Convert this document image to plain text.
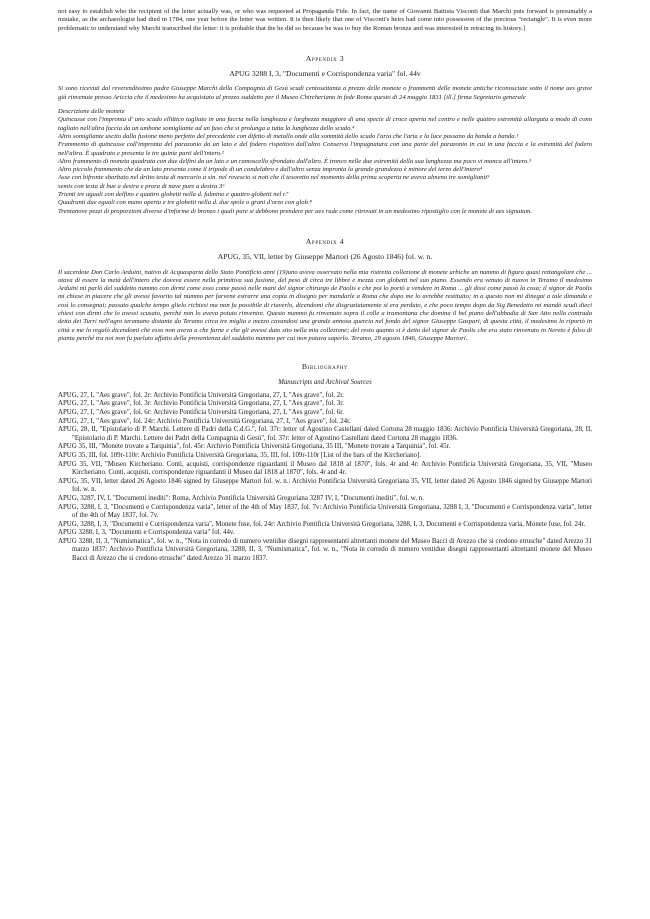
not easy to establish who the recipient of the letter actually was, or who was requested at Propaganda Fide. In fact, the name of Giovanni Battista Visconti that Marchi puts forward is presumably a mistake, as the archaeologist had died in 1784, one year before the letter was written. It is then likely that one of Visconti's heirs had come into possession of the precious "rectangle". It is even more problematic to understand why Marchi transcribed the letter: it is probable that the he did so because he was to buy the Roman bronze and was interested in retracing its history.]

Appendix 3
APUG 3288 I, 3, "Documenti e Corrispondenza varia" fol. 44v

Si sono ricevuti dal reverendissimo padre Giuseppe Marchi della Compagnia di Gesù scudi centosettanta a prezzo delle monete o frammenti delle monete antiche riconosciute sotto il nome aes grave già rinvenute presso Ariccia che il medesimo ha acquistato al prezzo suddetto per il Museo Chircheriano in fede Roma questo di 24 maggio 1831 [ill.] firma Segretario generale

Descrizione delle monete

Quincusse con l'impronta d' uno scudo ellittico tagliato in una faccia nella lunghezza e larghezza maggiore di una specie di croce aperta nel centro e nelle quattro estremità allargata a modo di cono tagliato nell'altra faccia da un umbone somigliante ad un fuso che si prolunga a tutta la lunghezza dello scudo.⁴

Altro somigliante uscito dalla fusione meno perfetto del precedente con difetto di metallo onde alla sommità dello scudo l'aria che l'aria e la luce passano da banda a banda.¹

Frammento di quincusse coll'impronta del parazonio da un lato e del fodero rispettivo dall'altro Conserva l'impugnatura con una parte del parazonio in cui in una faccia e la estremità del fodero nell'altra. È quadrato e presenta le tre quinte parti dell'intero.²

Altro frammento di moneta quadrata con due delfini da un lato e un ramoscello sfrondato dall'altro. È tronco nelle due estremità della sua lunghezza ma poco vi manca all'intero.³

Altro piccolo frammento che da un lato presenta come il tripode di un candelabro e dall'altro senza impronta la grande grandezza è minore del terzo dell'intero⁴

Asse con bifronte sbarbato nel dritto testa di mercurio a sin. nel rovescio si noti che il tesoretto nel momento della prima scoperta ne aveva almeno tre somiglianti⁵

semis con testa di bue a destra e prora di nave pure a destra 3⁶

Trienti tre uguali con delfino e quattro globetti nella d. fulmino e quattro globetti nel r.⁷

Quadranti due eguali con mano aperta e tre globetti nella d. due spole o grani d'orzo con glob.⁸

Trentanove pezzi di proporzioni diverse d'informe di bronzo i quali pure si debbono prendere per aes rude come ritrovati in un medesimo ripostiglio con le monete di aes signatum.

Appendix 4
APUG, 35, VII, letter by Giuseppe Martori (26 Agosto 1846) fol. w. n.

Il sacerdote Don Carlo Arduini, nativo di Acquasparta dello Stato Pontificio anni (19)uno aveva osservato nella mia ristretta collezione di monete urbiche un nummo di figura quasi rettangolare che ... otava di essere la metà dell'intero che doveva essere nella primitiva sua fusione, del peso di circa tre libbre e mezza con globetti nel suo piano. Essendo era venuto di nuovo in Teramo il medesimo Arduini mi parlò del suddetto nummo con dirmi come esso come passò nelle mani del signor chirurgo de Paolis e che poi lo portò a vendere in Roma ... gli dissi come passò la cosa; il signor de Paolis mi chiese in piacere che gli avessi favorito tal nummo per farvene estrarre una copia in disegno per mandarle a Roma che dopo me lo avrebbe restituito; in a questo non mi dinegai a tale dimanda e così lo consegnai; passato qualche tempo glielo richiesi ma non fu possibile di riaverlo, dicendomi che disgraziatamente si era perduto, e che poco tempo dopo da Sig Benedetto mi mandò scudi dieci chiesi con dirmi che lo avessi scusato, perché non lo aveva potuto rinvenire. Questo nummo fu rinvenuto sopra il colle a tramontana che domina il bel piano dell'abbadia di San Atto nella contrada detta dei Turri nell'agro teramano distante da Teramo circa tre miglia e mezzo cavandosi una grande annosa quercia nel fondo del signor Giuseppe Gaspari, di questa città, il medesimo lo riportò in città e me lo regalò dicendomi che esso non aveva a che farne e che gli avessi dato sito nella mia collezione; del resto quanto si è detto del signor de Paolis che era stato rinvenuto in Nereto è falso di pianta perché tra noi non fu parlato affatto della provenienza del suddetto nummo per cui non potava saperlo. Teramo, 29 agosto 1846, Giuseppe Martori.

Bibliography
Manuscripts and Archival Sources

APUG, 27, I, "Aes grave", fol. 2r: Archivio Pontificia Università Gregoriana, 27, I, "Aes grave", fol. 2r.

APUG, 27, I, "Aes grave", fol. 3r: Archivio Pontificia Università Gregoriana, 27, I, "Aes grave", fol. 3r.

APUG, 27, I, "Aes grave", fol. 6r: Archivio Pontificia Università Gregoriana, 27, I, "Aes grave", fol. 6r.

APUG, 27, I, "Aes grave", fol. 24r: Archivio Pontificia Università Gregoriana, 27, I, "Aes grave", fol. 24r.

APUG, 28, II, "Epistolario di P. Marchi. Lettere di Padri della C.d.G.", fol. 37r: letter of Agostino Castellani dated Cortona 28 maggio 1836: Archivio Pontificia Università Gregoriana, 28, II, "Epistolario di P. Marchi. Lettere dei Padri della Compagnia di Gesù", fol. 37r: letter of Agostino Castellani dated Cortona 28 maggio 1836.

APUG 35, III, "Monete trovate a Tarquinia", fol. 45r: Archivio Pontificia Università Gregoriana, 35 III, "Monete trovate a Tarquinia", fol. 45r.

APUG 35, III, fol. 109r-110r: Archivio Pontificia Università Gregoriana, 35, III, fol. 109r-110r [List of the bars of the Kircheriano].

APUG 35, VII, "Museo Kircheriano. Conti, acquisti, corrispondenze riguardanti il Museo dal 1818 al 1870", fols. 4r and 4r: Archivio Pontificia Università Gregoriana, 35, VII, "Museo Kircheriano. Conti, acquisti, corrispondenze riguardanti il Museo dal 1818 al 1870", fols. 4r and 4r.

APUG, 35, VII, letter dated 26 Agosto 1846 signed by Giuseppe Martori fol. w. n.: Archivio Pontificia Università Gregoriana 35, VII, letter dated 26 Agosto 1846 signed by Giuseppe Martori fol. w. n.

APUG, 3287, IV, I, "Documenti inediti": Roma, Archivio Pontificia Università Gregoriana 3287 IV, I, "Documenti inediti", fol. w. n.

APUG, 3288, I, 3, "Documenti e Corrispondenza varia", letter of the 4th of May 1837, fol. 7v: Archivio Pontificia Università Gregoriana, 3288 I, 3, "Documenti e Corrispondenza varia", letter of the 4th of May 1837, fol. 7v.

APUG, 3288, I, 3, "Documenti e Corrispondenza varia", Monete fuse, fol. 24r: Archivio Pontificia Università Gregoriana, 3288, I, 3, Documenti e Corrispondenza varia, Monete fuse, fol. 24r.

APUG 3288, I, 3, "Documenti e Corrispondenza varia" fol. 44v.

APUG 3288, II, 3, "Numismatica", fol. w. n., "Nota in corredo di numero ventidue disegni rappresentanti altrettanti monete del Museo Bacci di Arezzo che si credono etrusche" dated Arezzo 31 marzo 1837: Archivio Pontificia Università Gregoriana, 3288, II, 3, "Numismatica", fol. w. n., "Nota in corredo di numero ventidue disegni rappresentanti altrettanti monete del Museo Bacci di Arezzo che si credono etrusche" dated Arezzo 31 marzo 1837.
